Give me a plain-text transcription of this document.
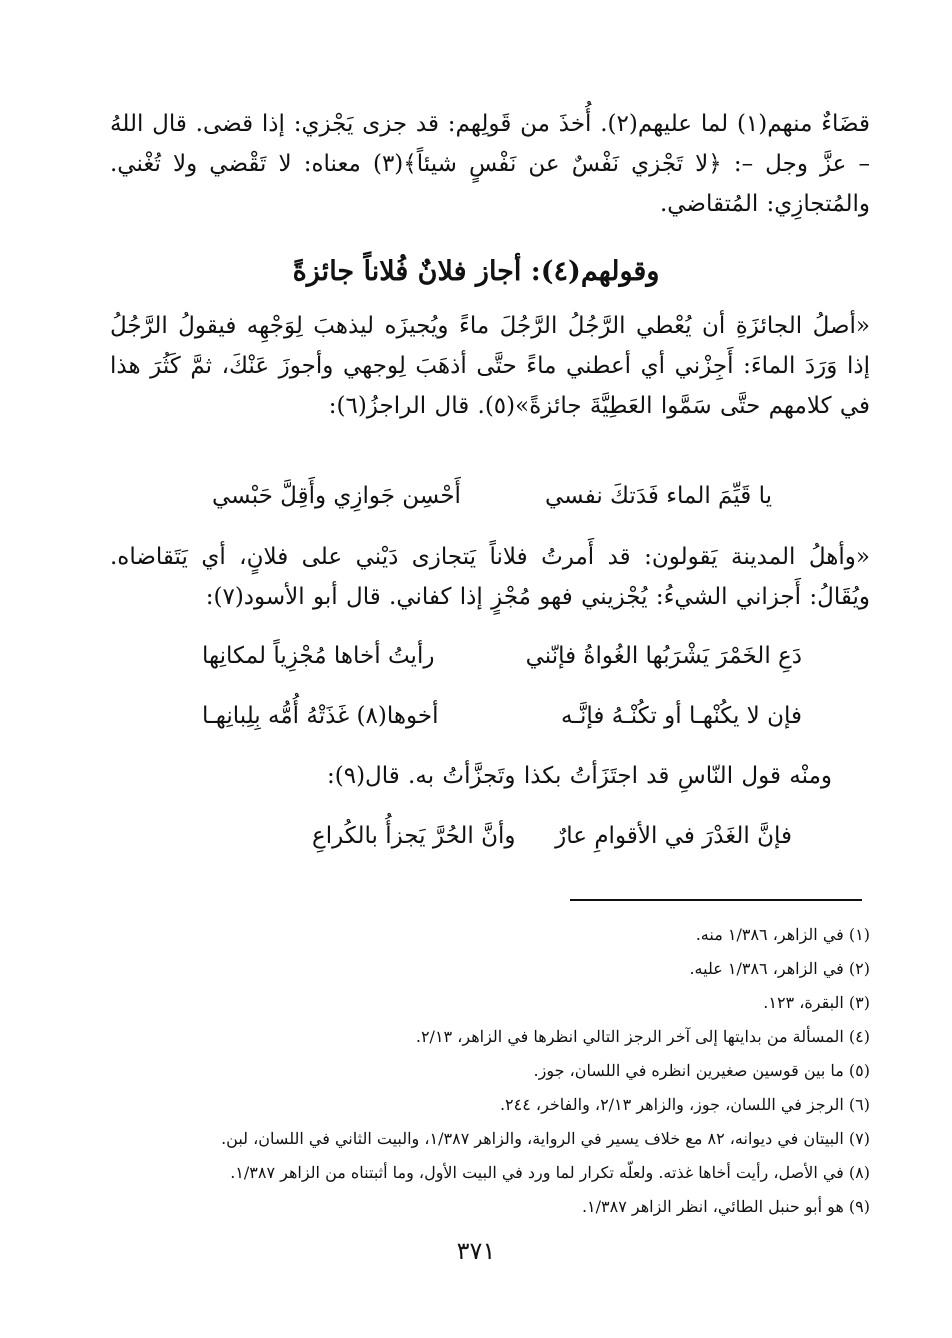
قضَاءٌ منهم(١) لما عليهم(٢). أُخذَ من قَولِهم: قد جزى يَجْزي: إذا قضى. قال اللهُ – عزَّ وجل –: ﴿لا تَجْزي نَفْسٌ عن نَفْسٍ شيئاً﴾(٣) معناه: لا تَقْضي ولا تُغْني. والمُتجازِي: المُتقاضي.
وقولهم(٤): أجاز فلانٌ فُلاناً جائزةً
«أصلُ الجائزَةِ أن يُعْطي الرَّجُلُ الرَّجُلَ ماءً ويُجيزَه ليذهبَ لِوَجْهِه فيقولُ الرَّجُلُ إذا وَرَدَ الماءَ: أَجِزْني أي أعطني ماءً حتَّى أذهَبَ لِوجهي وأجوزَ عَنْكَ، ثمَّ كَثُرَ هذا في كلامهم حتَّى سَمَّوا العَطِيَّةَ جائزةً»(٥). قال الراجزُ(٦):
يا قَيِّمَ الماء فَدَتكَ نفسي
أَحْسِن جَوازِي وأَقِلَّ حَبْسي
«وأهلُ المدينة يَقولون: قد أَمرتُ فلاناً يَتجازى دَيْني على فلانٍ، أي يَتَقاضاه. ويُقَالُ: أَجزاني الشيءُ: يُجْزيني فهو مُجْزٍ إذا كفاني. قال أبو الأسود(٧):
دَعِ الخَمْرَ يَشْرَبُها الغُواةُ فإنّني
رأيتُ أخاها مُجْزِياً لمكانِها
فإن لا يكُنْهـا أو تكُنْـهُ فإنَّـه
أخوها(٨) غَذَتْهُ أُمُّه بِلِبانِهـا
ومنْه قول النّاسِ قد اجتَزَأتُ بكذا وتَجزَّأتُ به. قال(٩):
فإنَّ الغَدْرَ في الأقوامِ عارٌ
وأنَّ الحُرَّ يَجزأُ بالكُراعِ
(١) في الزاهر، ١/٣٨٦ منه.
(٢) في الزاهر، ١/٣٨٦ عليه.
(٣) البقرة، ١٢٣.
(٤) المسألة من بدايتها إلى آخر الرجز التالي انظرها في الزاهر، ٢/١٣.
(٥) ما بين قوسين صغيرين انظره في اللسان، جوز.
(٦) الرجز في اللسان، جوز، والزاهر ٢/١٣، والفاخر، ٢٤٤.
(٧) البيتان في ديوانه، ٨٢ مع خلاف يسير في الرواية، والزاهر ١/٣٨٧، والبيت الثاني في اللسان، لبن.
(٨) في الأصل، رأيت أخاها غذته. ولعلّه تكرار لما ورد في البيت الأول، وما أثبتناه من الزاهر ١/٣٨٧.
(٩) هو أبو حنبل الطائي، انظر الزاهر ١/٣٨٧.
٣٧١
